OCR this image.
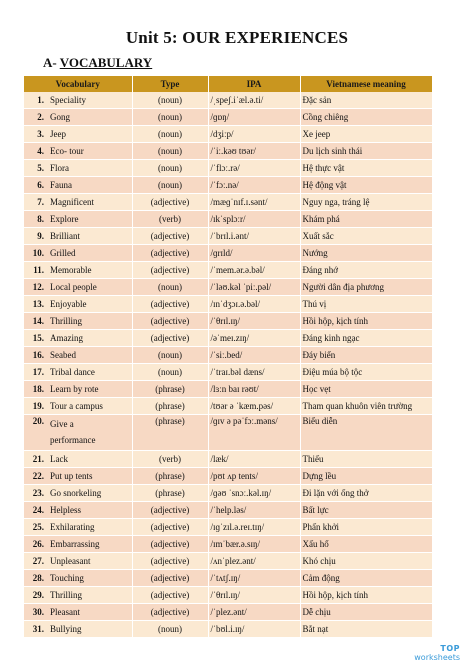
Unit 5: OUR EXPERIENCES
A- VOCABULARY
Vocabulary	Type	IPA	Vietnamese meaning
1. Speciality	(noun)	/ˌspeʃ.iˈæl.ə.ti/	Đặc sản
2. Gong	(noun)	/ɡɒŋ/	Cồng chiêng
3. Jeep	(noun)	/dʒiːp/	Xe jeep
4. Eco- tour	(noun)	/ˈiː.kəʊ tʊər/	Du lịch sinh thái
5. Flora	(noun)	/ˈflɔː.rə/	Hệ thực vật
6. Fauna	(noun)	/ˈfɔː.nə/	Hệ động vật
7. Magnificent	(adjective)	/mæɡˈnɪf.ɪ.sənt/	Nguy nga, tráng lệ
8. Explore	(verb)	/ɪkˈsplɔːr/	Khám phá
9. Brilliant	(adjective)	/ˈbrɪl.i.ənt/	Xuất sắc
10. Grilled	(adjective)	/ɡrɪld/	Nướng
11. Memorable	(adjective)	/ˈmem.ər.ə.bəl/	Đáng nhớ
12. Local people	(noun)	/ˈləʊ.kəl ˈpiː.pəl/	Người dân địa phương
13. Enjoyable	(adjective)	/ɪnˈdʒɔɪ.ə.bəl/	Thú vị
14. Thrilling	(adjective)	/ˈθrɪl.ɪŋ/	Hồi hộp, kịch tính
15. Amazing	(adjective)	/əˈmeɪ.zɪŋ/	Đáng kinh ngạc
16. Seabed	(noun)	/ˈsiː.bed/	Đáy biển
17. Tribal dance	(noun)	/ˈtraɪ.bəl dæns/	Điệu múa bộ tộc
18. Learn by rote	(phrase)	/lɜːn baɪ rəʊt/	Học vẹt
19. Tour a campus	(phrase)	/tʊər ə ˈkæm.pəs/	Tham quan khuôn viên trường
20. Give a performance	(phrase)	/ɡɪv ə pəˈfɔː.məns/	Biểu diễn
21. Lack	(verb)	/læk/	Thiếu
22. Put up tents	(phrase)	/pʊt ʌp tents/	Dựng lều
23. Go snorkeling	(phrase)	/ɡəʊ ˈsnɔː.kəl.ɪŋ/	Đi lặn với ống thở
24. Helpless	(adjective)	/ˈhelp.ləs/	Bất lực
25. Exhilarating	(adjective)	/ɪɡˈzɪl.ə.reɪ.tɪŋ/	Phấn khởi
26. Embarrassing	(adjective)	/ɪmˈbær.ə.sɪŋ/	Xấu hổ
27. Unpleasant	(adjective)	/ʌnˈplez.ənt/	Khó chịu
28. Touching	(adjective)	/ˈtʌtʃ.ɪŋ/	Cảm động
29. Thrilling	(adjective)	/ˈθrɪl.ɪŋ/	Hồi hộp, kịch tính
30. Pleasant	(adjective)	/ˈplez.ənt/	Dễ chịu
31. Bullying	(noun)	/ˈbʊl.i.ɪŋ/	Bắt nạt
TOP
worksheets
